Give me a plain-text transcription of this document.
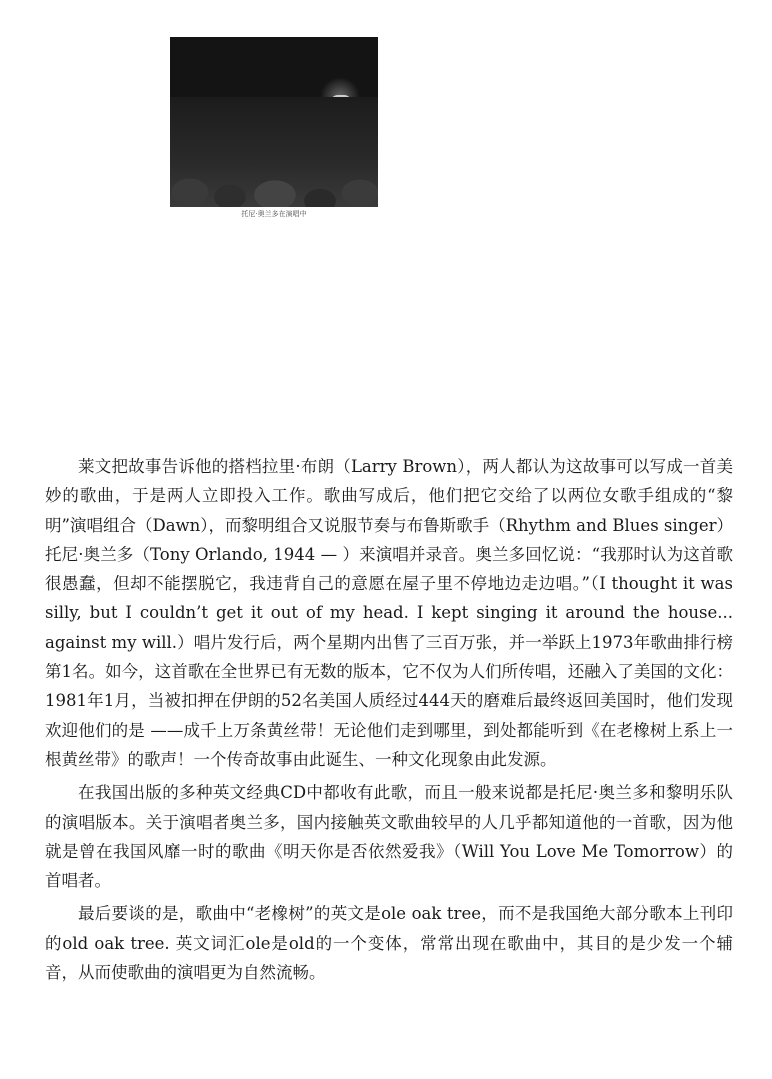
托尼·奥兰多在演唱中

莱文把故事告诉他的搭档拉里·布朗（Larry Brown），两人都认为这故事可以写成一首美妙的歌曲，于是两人立即投入工作。歌曲写成后，他们把它交给了以两位女歌手组成的“黎明”演唱组合（Dawn），而黎明组合又说服节奏与布鲁斯歌手（Rhythm and Blues singer）托尼·奥兰多（Tony Orlando, 1944 — ）来演唱并录音。奥兰多回忆说：“我那时认为这首歌很愚蠢，但却不能摆脱它，我违背自己的意愿在屋子里不停地边走边唱。”（I thought it was silly, but I couldn’t get it out of my head. I kept singing it around the house... against my will.）唱片发行后，两个星期内出售了三百万张，并一举跃上1973年歌曲排行榜第1名。如今，这首歌在全世界已有无数的版本，它不仅为人们所传唱，还融入了美国的文化：1981年1月，当被扣押在伊朗的52名美国人质经过444天的磨难后最终返回美国时，他们发现欢迎他们的是 ——成千上万条黄丝带！无论他们走到哪里，到处都能听到《在老橡树上系上一根黄丝带》的歌声！一个传奇故事由此诞生、一种文化现象由此发源。

在我国出版的多种英文经典CD中都收有此歌，而且一般来说都是托尼·奥兰多和黎明乐队的演唱版本。关于演唱者奥兰多，国内接触英文歌曲较早的人几乎都知道他的一首歌，因为他就是曾在我国风靡一时的歌曲《明天你是否依然爱我》（Will You Love Me Tomorrow）的首唱者。

最后要谈的是，歌曲中“老橡树”的英文是ole oak tree，而不是我国绝大部分歌本上刊印的old oak tree. 英文词汇ole是old的一个变体，常常出现在歌曲中，其目的是少发一个辅音，从而使歌曲的演唱更为自然流畅。
